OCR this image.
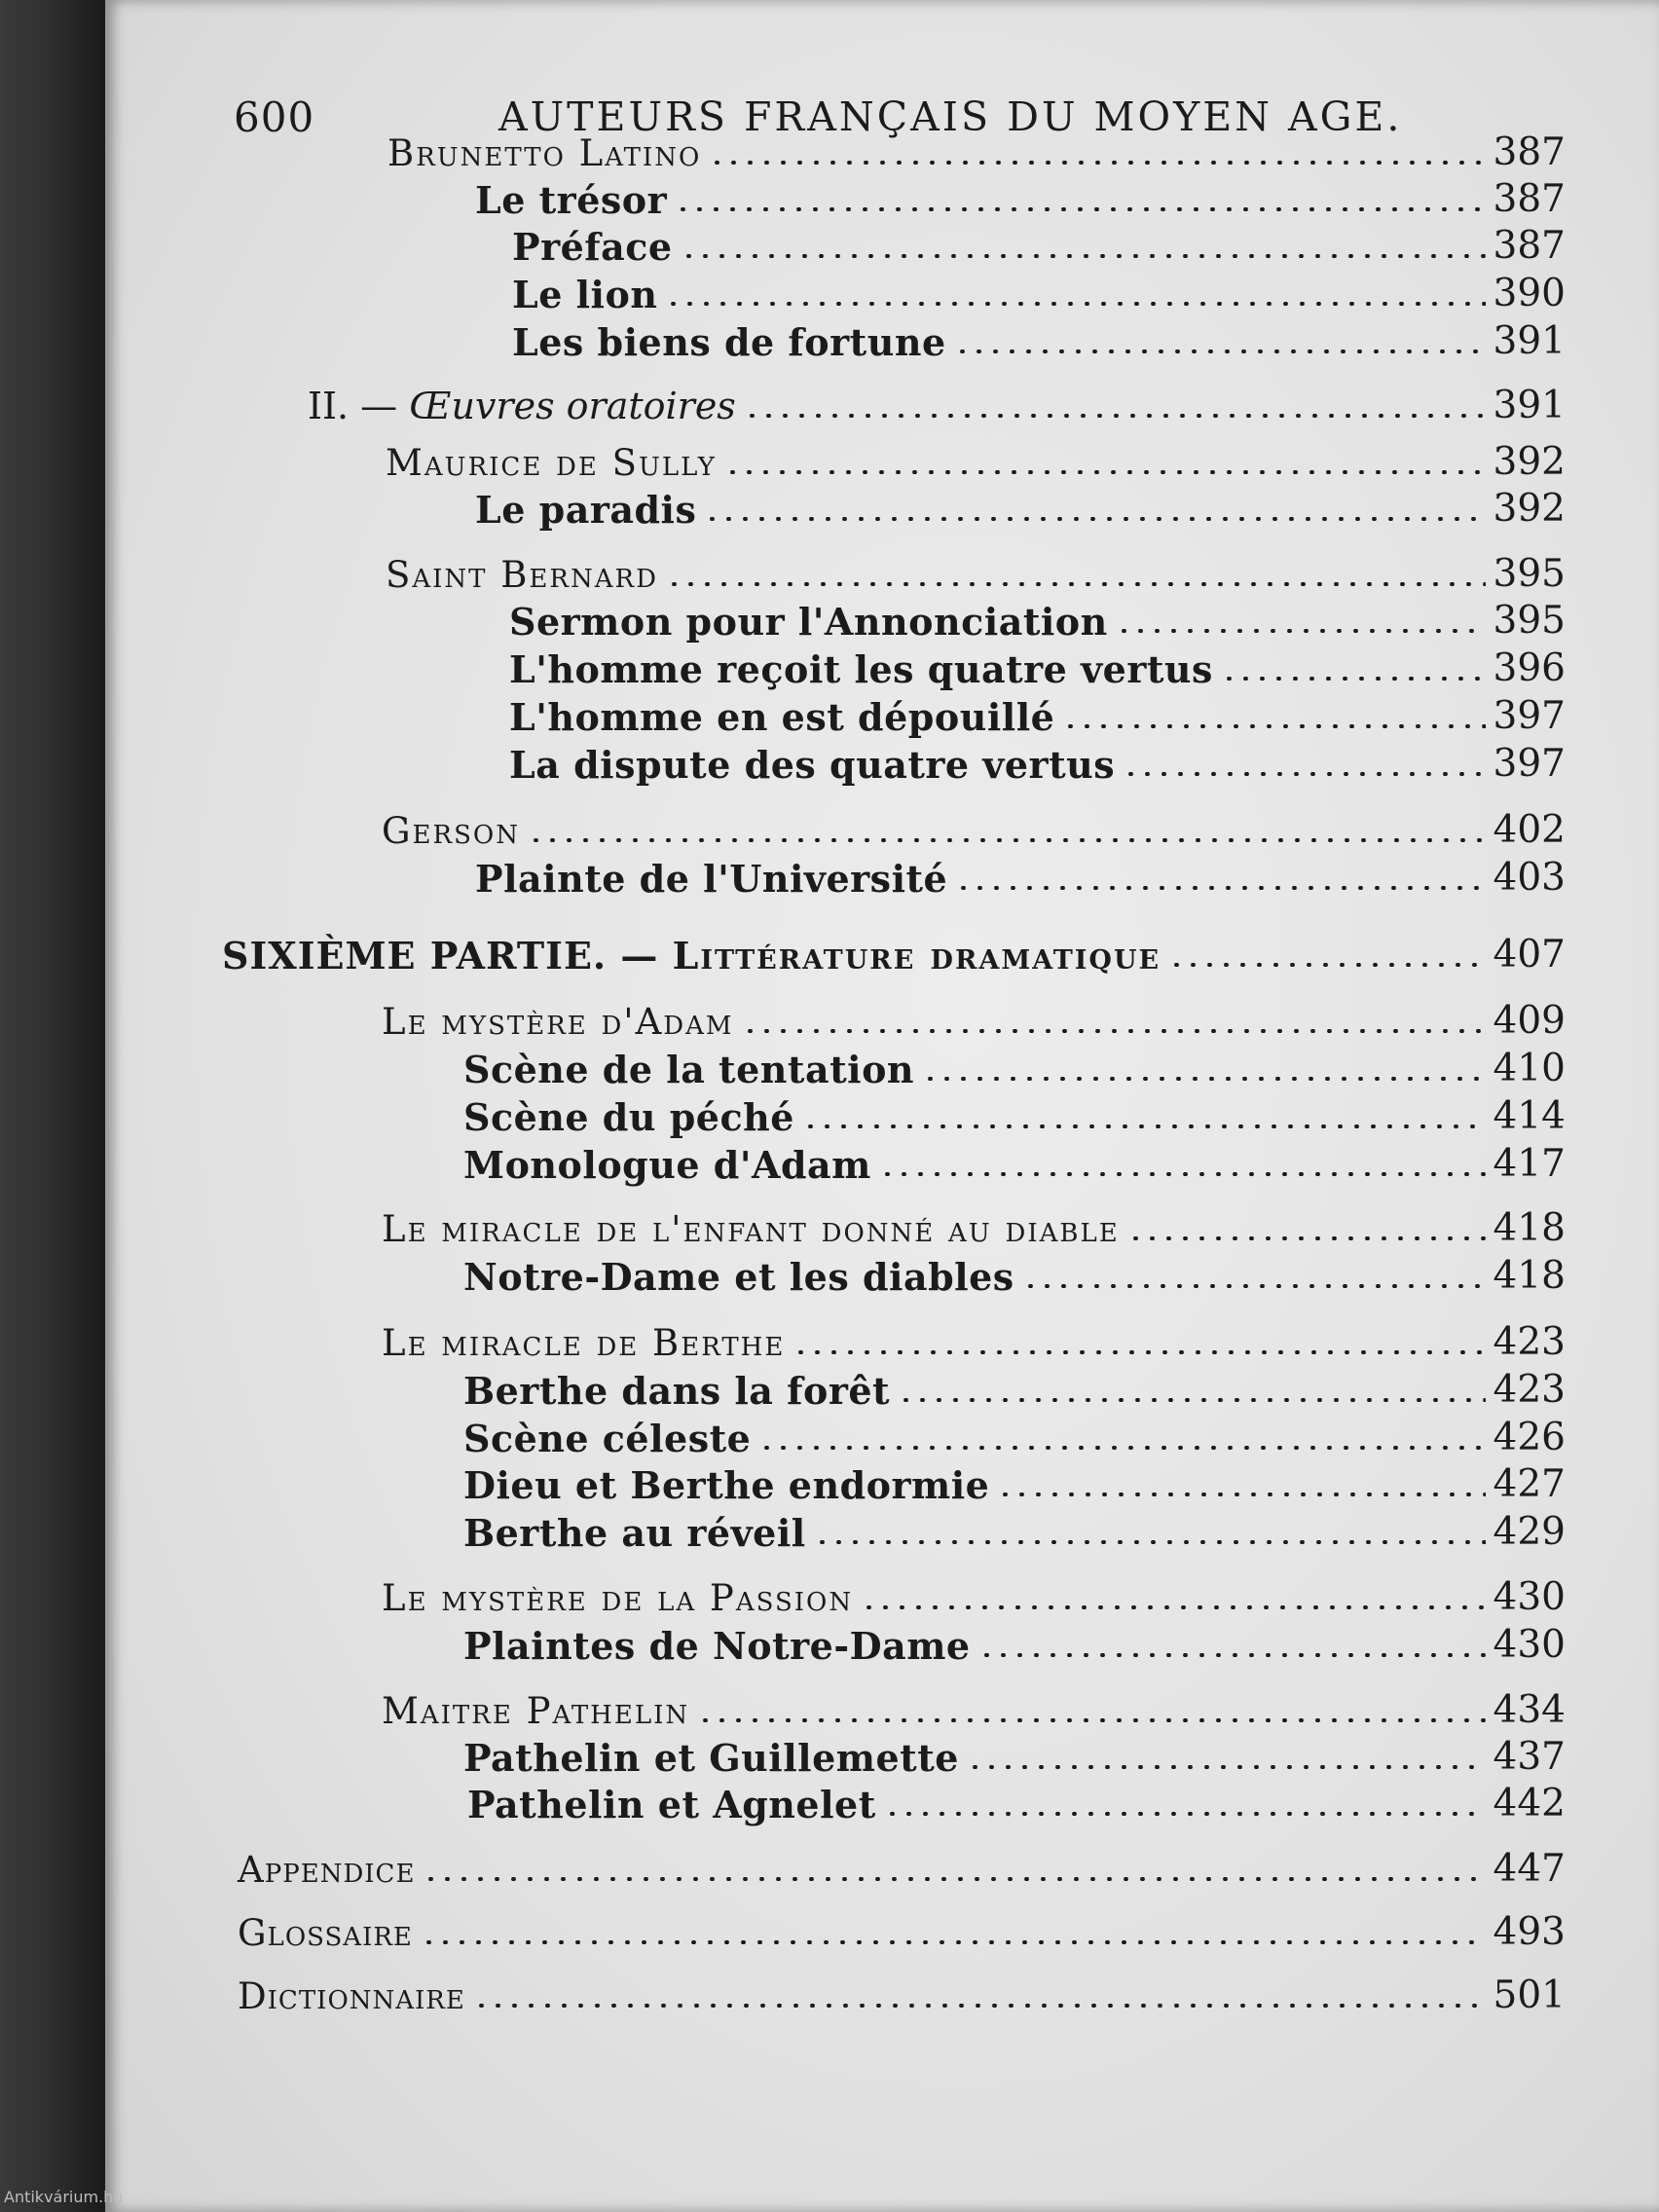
600	AUTEURS FRANÇAIS DU MOYEN AGE.
Brunetto Latino	387
Le trésor	387
Préface	387
Le lion	390
Les biens de fortune	391
II. — Œuvres oratoires	391
Maurice de Sully	392
Le paradis	392
Saint Bernard	395
Sermon pour l'Annonciation	395
L'homme reçoit les quatre vertus	396
L'homme en est dépouillé	397
La dispute des quatre vertus	397
Gerson	402
Plainte de l'Université	403
SIXIÈME PARTIE. — Littérature dramatique	407
Le mystère d'Adam	409
Scène de la tentation	410
Scène du péché	414
Monologue d'Adam	417
Le miracle de l'enfant donné au diable	418
Notre-Dame et les diables	418
Le miracle de Berthe	423
Berthe dans la forêt	423
Scène céleste	426
Dieu et Berthe endormie	427
Berthe au réveil	429
Le mystère de la Passion	430
Plaintes de Notre-Dame	430
Maitre Pathelin	434
Pathelin et Guillemette	437
Pathelin et Agnelet	442
Appendice	447
Glossaire	493
Dictionnaire	501
Antikvárium.hu
